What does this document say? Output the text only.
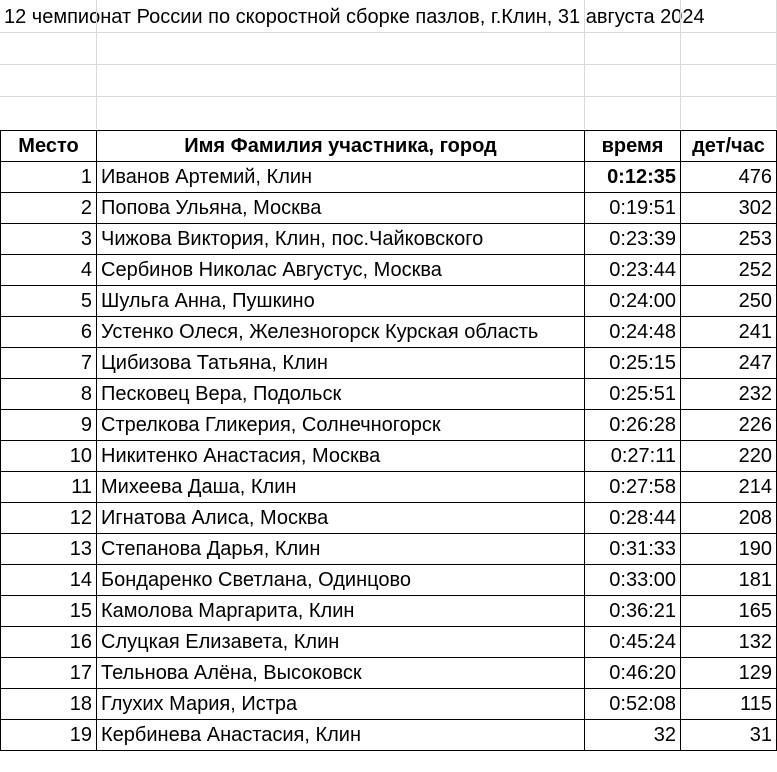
12 чемпионат России по скоростной сборке пазлов, г.Клин, 31 августа 2024
Место	Имя Фамилия участника, город	время	дет/час
1	Иванов Артемий, Клин	0:12:35	476
2	Попова Ульяна, Москва	0:19:51	302
3	Чижова Виктория, Клин, пос.Чайковского	0:23:39	253
4	Сербинов Николас Августус, Москва	0:23:44	252
5	Шульга Анна, Пушкино	0:24:00	250
6	Устенко Олеся, Железногорск Курская область	0:24:48	241
7	Цибизова Татьяна, Клин	0:25:15	247
8	Песковец Вера, Подольск	0:25:51	232
9	Стрелкова Гликерия, Солнечногорск	0:26:28	226
10	Никитенко Анастасия, Москва	0:27:11	220
11	Михеева Даша, Клин	0:27:58	214
12	Игнатова Алиса, Москва	0:28:44	208
13	Степанова Дарья, Клин	0:31:33	190
14	Бондаренко Светлана, Одинцово	0:33:00	181
15	Камолова Маргарита, Клин	0:36:21	165
16	Слуцкая Елизавета, Клин	0:45:24	132
17	Тельнова Алёна, Высоковск	0:46:20	129
18	Глухих Мария, Истра	0:52:08	115
19	Кербинева Анастасия, Клин	32	31
